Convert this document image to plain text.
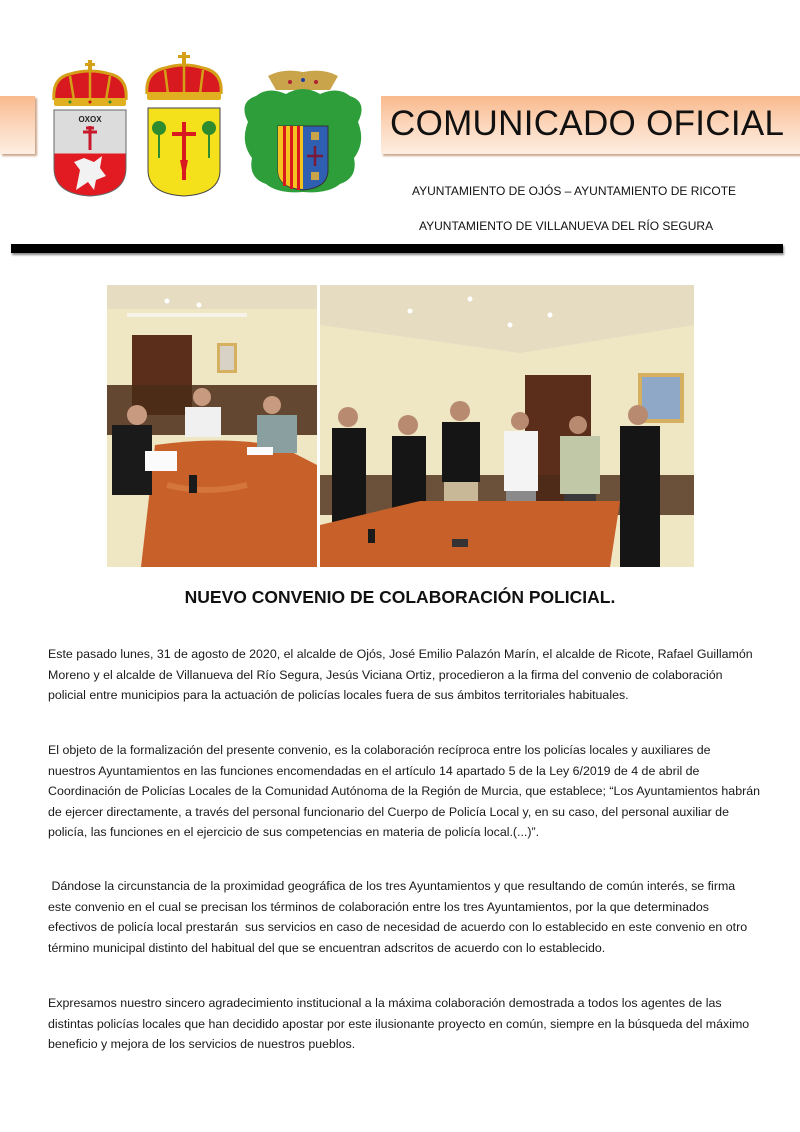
OXOX	COMUNICADO OFICIAL
AYUNTAMIENTO DE OJÓS – AYUNTAMIENTO DE RICOTE
AYUNTAMIENTO DE VILLANUEVA DEL RÍO SEGURA
NUEVO CONVENIO DE COLABORACIÓN POLICIAL.

Este pasado lunes, 31 de agosto de 2020, el alcalde de Ojós, José Emilio Palazón Marín, el alcalde de Ricote, Rafael Guillamón Moreno y el alcalde de Villanueva del Río Segura, Jesús Viciana Ortiz, procedieron a la firma del convenio de colaboración policial entre municipios para la actuación de policías locales fuera de sus ámbitos territoriales habituales.

El objeto de la formalización del presente convenio, es la colaboración recíproca entre los policías locales y auxiliares de nuestros Ayuntamientos en las funciones encomendadas en el artículo 14 apartado 5 de la Ley 6/2019 de 4 de abril de Coordinación de Policías Locales de la Comunidad Autónoma de la Región de Murcia, que establece; “Los Ayuntamientos habrán de ejercer directamente, a través del personal funcionario del Cuerpo de Policía Local y, en su caso, del personal auxiliar de policía, las funciones en el ejercicio de sus competencias en materia de policía local.(...)”.

Dándose la circunstancia de la proximidad geográfica de los tres Ayuntamientos y que resultando de común interés, se firma este convenio en el cual se precisan los términos de colaboración entre los tres Ayuntamientos, por la que determinados efectivos de policía local prestarán  sus servicios en caso de necesidad de acuerdo con lo establecido en este convenio en otro término municipal distinto del habitual del que se encuentran adscritos de acuerdo con lo establecido.

Expresamos nuestro sincero agradecimiento institucional a la máxima colaboración demostrada a todos los agentes de las distintas policías locales que han decidido apostar por este ilusionante proyecto en común, siempre en la búsqueda del máximo beneficio y mejora de los servicios de nuestros pueblos.
